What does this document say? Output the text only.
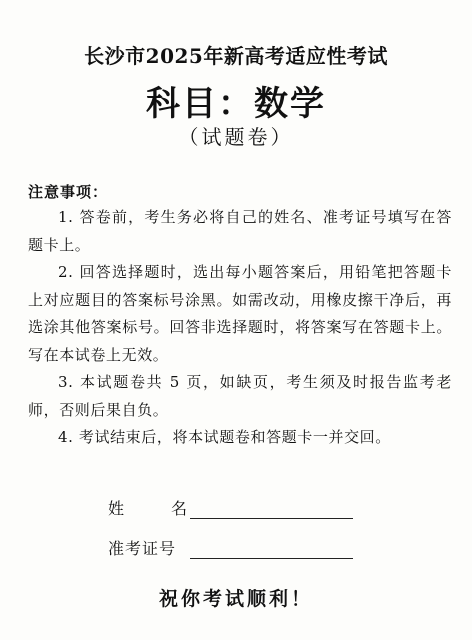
长沙市2025年新高考适应性考试
科目：数学
（试题卷）
注意事项：

1. 答卷前，考生务必将自己的姓名、准考证号填写在答题卡上。

2. 回答选择题时，选出每小题答案后，用铅笔把答题卡上对应题目的答案标号涂黑。如需改动，用橡皮擦干净后，再选涂其他答案标号。回答非选择题时，将答案写在答题卡上。写在本试卷上无效。

3. 本试题卷共 5 页，如缺页，考生须及时报告监考老师，否则后果自负。

4. 考试结束后，将本试题卷和答题卡一并交回。

姓	名
准考证号
祝你考试顺利！
